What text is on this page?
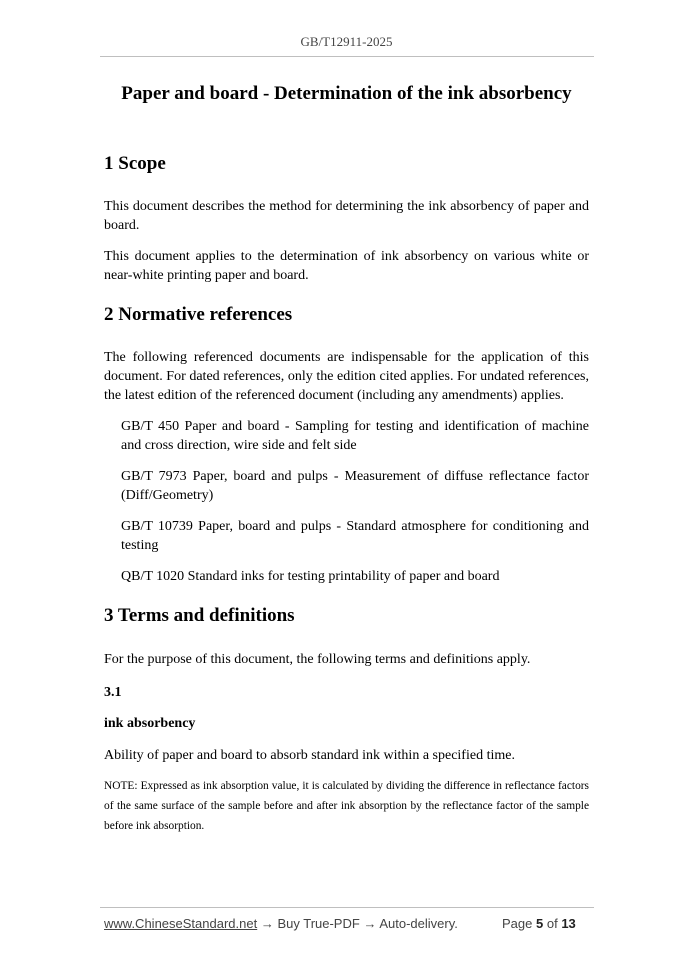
GB/T12911-2025
Paper and board - Determination of the ink absorbency
1 Scope
This document describes the method for determining the ink absorbency of paper and board.
This document applies to the determination of ink absorbency on various white or near-white printing paper and board.
2 Normative references
The following referenced documents are indispensable for the application of this document. For dated references, only the edition cited applies. For undated references, the latest edition of the referenced document (including any amendments) applies.
GB/T 450 Paper and board - Sampling for testing and identification of machine and cross direction, wire side and felt side
GB/T 7973 Paper, board and pulps - Measurement of diffuse reflectance factor (Diff/Geometry)
GB/T 10739 Paper, board and pulps - Standard atmosphere for conditioning and testing
QB/T 1020 Standard inks for testing printability of paper and board
3 Terms and definitions
For the purpose of this document, the following terms and definitions apply.
3.1
ink absorbency
Ability of paper and board to absorb standard ink within a specified time.
NOTE: Expressed as ink absorption value, it is calculated by dividing the difference in reflectance factors of the same surface of the sample before and after ink absorption by the reflectance factor of the sample before ink absorption.
www.ChineseStandard.net → Buy True-PDF → Auto-delivery.	Page 5 of 13
